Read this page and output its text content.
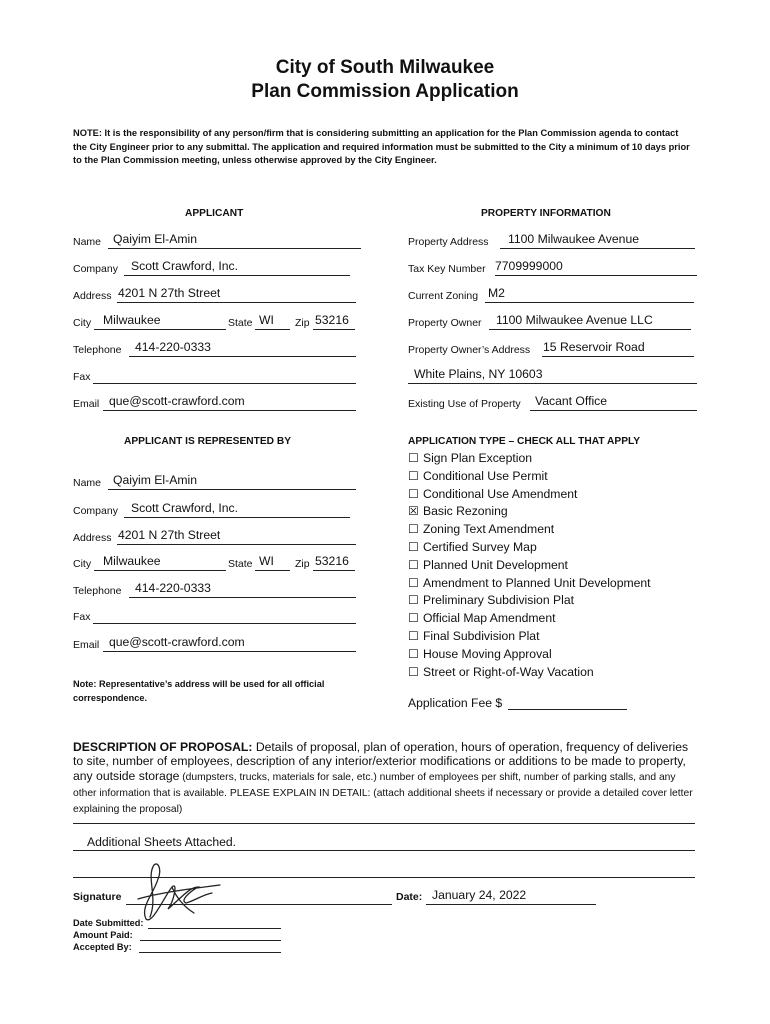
City of South Milwaukee
Plan Commission Application
NOTE: It is the responsibility of any person/firm that is considering submitting an application for the Plan Commission agenda to contact the City Engineer prior to any submittal. The application and required information must be submitted to the City a minimum of 10 days prior to the Plan Commission meeting, unless otherwise approved by the City Engineer.
APPLICANT	PROPERTY INFORMATION
Name Qaiyim El-Amin
Company Scott Crawford, Inc.
Address 4201 N 27th Street
City Milwaukee	State WI Zip 53216
Telephone 414-220-0333
Fax
Email que@scott-crawford.com
Property Address 1100 Milwaukee Avenue
Tax Key Number 7709999000
Current Zoning M2
Property Owner 1100 Milwaukee Avenue LLC
Property Owner’s Address 15 Reservoir Road
White Plains, NY 10603
Existing Use of Property Vacant Office
APPLICANT IS REPRESENTED BY
Name Qaiyim El-Amin
Company Scott Crawford, Inc.
Address 4201 N 27th Street
City Milwaukee	State WI Zip 53216
Telephone 414-220-0333
Fax
Email que@scott-crawford.com
Note: Representative’s address will be used for all official correspondence.
APPLICATION TYPE – CHECK ALL THAT APPLY
☐ Sign Plan Exception
☐ Conditional Use Permit
☐ Conditional Use Amendment
☒ Basic Rezoning
☐ Zoning Text Amendment
☐ Certified Survey Map
☐ Planned Unit Development
☐ Amendment to Planned Unit Development
☐ Preliminary Subdivision Plat
☐ Official Map Amendment
☐ Final Subdivision Plat
☐ House Moving Approval
☐ Street or Right-of-Way Vacation
Application Fee $
DESCRIPTION OF PROPOSAL: Details of proposal, plan of operation, hours of operation, frequency of deliveries to site, number of employees, description of any interior/exterior modifications or additions to be made to property, any outside storage (dumpsters, trucks, materials for sale, etc.) number of employees per shift, number of parking stalls, and any other information that is available. PLEASE EXPLAIN IN DETAIL: (attach additional sheets if necessary or provide a detailed cover letter explaining the proposal)
Additional Sheets Attached.
Signature	Date: January 24, 2022
Date Submitted:
Amount Paid:
Accepted By:
